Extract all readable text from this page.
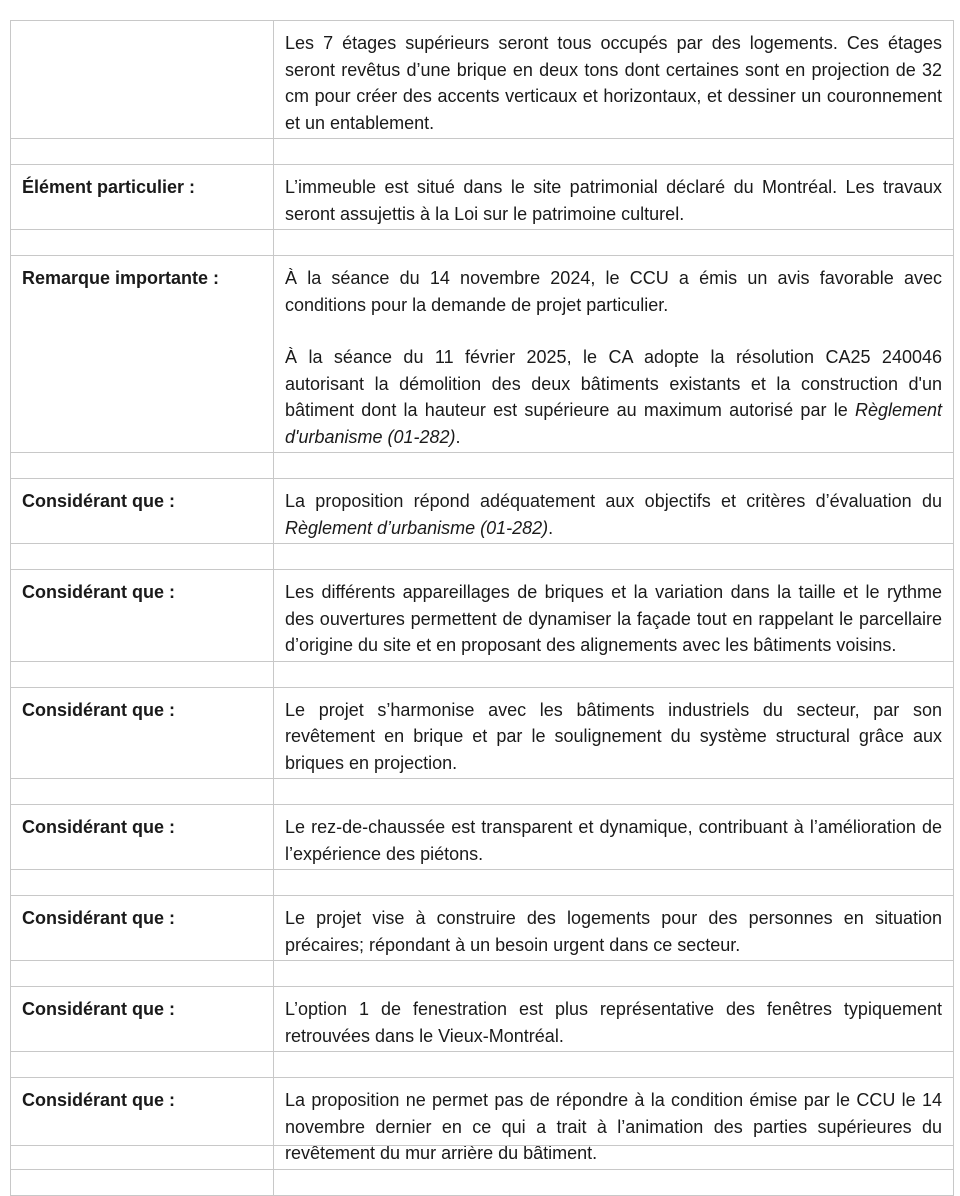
	Les 7 étages supérieurs seront tous occupés par des logements. Ces étages seront revêtus d’une brique en deux tons dont certaines sont en projection de 32 cm pour créer des accents verticaux et horizontaux, et dessiner un couronnement et un entablement.

Élément particulier :	L’immeuble est situé dans le site patrimonial déclaré du Montréal. Les travaux seront assujettis à la Loi sur le patrimoine culturel.

Remarque importante :	À la séance du 14 novembre 2024, le CCU a émis un avis favorable avec conditions pour la demande de projet particulier.
À la séance du 11 février 2025, le CA adopte la résolution CA25 240046 autorisant la démolition des deux bâtiments existants et la construction d'un bâtiment dont la hauteur est supérieure au maximum autorisé par le Règlement d'urbanisme (01-282).

Considérant que :	La proposition répond adéquatement aux objectifs et critères d’évaluation du Règlement d’urbanisme (01-282).

Considérant que :	Les différents appareillages de briques et la variation dans la taille et le rythme des ouvertures permettent de dynamiser la façade tout en rappelant le parcellaire d’origine du site et en proposant des alignements avec les bâtiments voisins.

Considérant que :	Le projet s’harmonise avec les bâtiments industriels du secteur, par son revêtement en brique et par le soulignement du système structural grâce aux briques en projection.

Considérant que :	Le rez-de-chaussée est transparent et dynamique, contribuant à l’amélioration de l’expérience des piétons.

Considérant que :	Le projet vise à construire des logements pour des personnes en situation précaires; répondant à un besoin urgent dans ce secteur.

Considérant que :	L’option 1 de fenestration est plus représentative des fenêtres typiquement retrouvées dans le Vieux-Montréal.

Considérant que :	La proposition ne permet pas de répondre à la condition émise par le CCU le 14 novembre dernier en ce qui a trait à l’animation des parties supérieures du revêtement du mur arrière du bâtiment.
